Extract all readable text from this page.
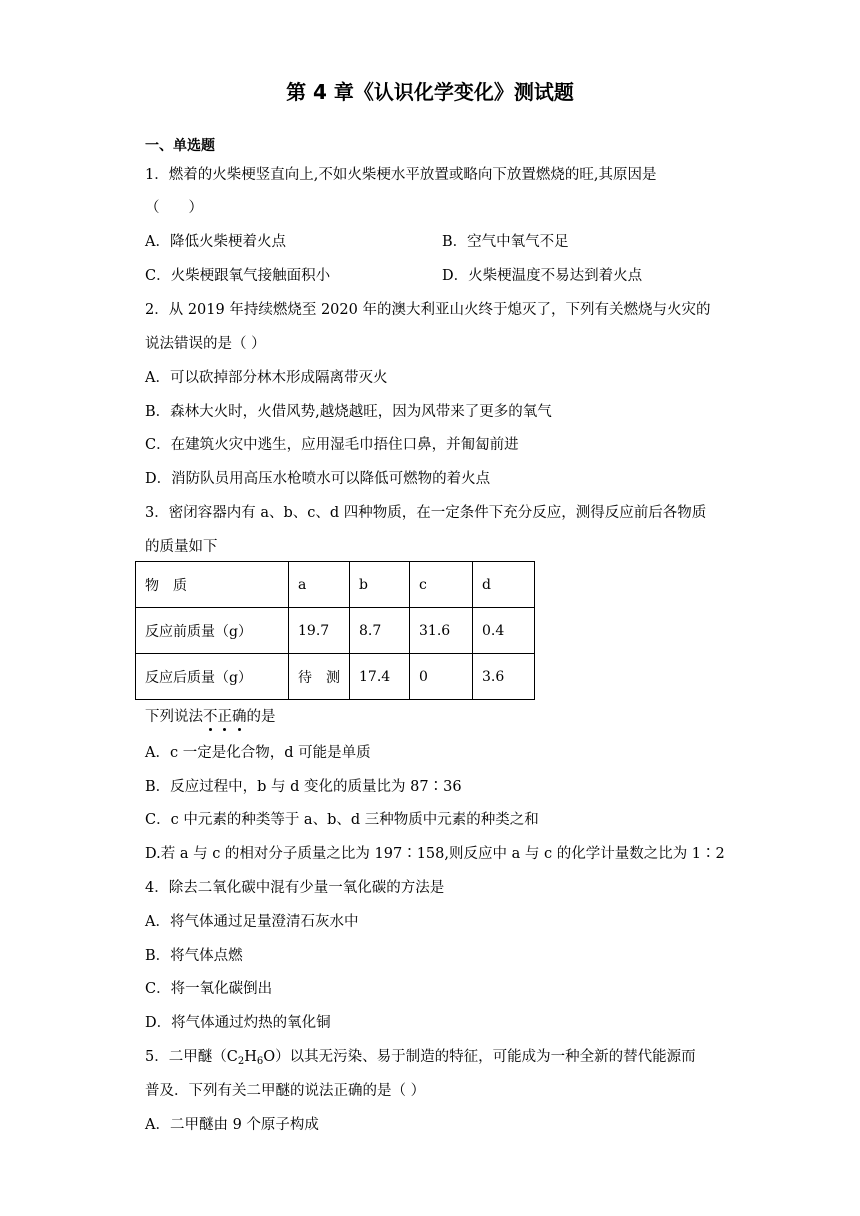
第 4 章《认识化学变化》测试题
一、单选题
1．燃着的火柴梗竖直向上,不如火柴梗水平放置或略向下放置燃烧的旺,其原因是
（　　）
A．降低火柴梗着火点	B．空气中氧气不足
C．火柴梗跟氧气接触面积小	D．火柴梗温度不易达到着火点
2．从 2019 年持续燃烧至 2020 年的澳大利亚山火终于熄灭了，下列有关燃烧与火灾的
说法错误的是（ ）
A．可以砍掉部分林木形成隔离带灭火
B．森林大火时，火借风势,越烧越旺，因为风带来了更多的氧气
C．在建筑火灾中逃生，应用湿毛巾捂住口鼻，并匍匐前进
D．消防队员用高压水枪喷水可以降低可燃物的着火点
3．密闭容器内有 a、b、c、d 四种物质，在一定条件下充分反应，测得反应前后各物质
的质量如下
物　质	a	b	c	d
反应前质量（g）	19.7	8.7	31.6	0.4
反应后质量（g）	待　测	17.4	0	3.6
下列说法不正确的是
A．c 一定是化合物，d 可能是单质
B．反应过程中，b 与 d 变化的质量比为 87∶36
C．c 中元素的种类等于 a、b、d 三种物质中元素的种类之和
D.若 a 与 c 的相对分子质量之比为 197∶158,则反应中 a 与 c 的化学计量数之比为 1∶2
4．除去二氧化碳中混有少量一氧化碳的方法是
A．将气体通过足量澄清石灰水中
B．将气体点燃
C．将一氧化碳倒出
D．将气体通过灼热的氧化铜
5．二甲醚$(C_2H_6O)$以其无污染、易于制造的特征，可能成为一种全新的替代能源而
普及．下列有关二甲醚的说法正确的是（ ）
A．二甲醚由 9 个原子构成
